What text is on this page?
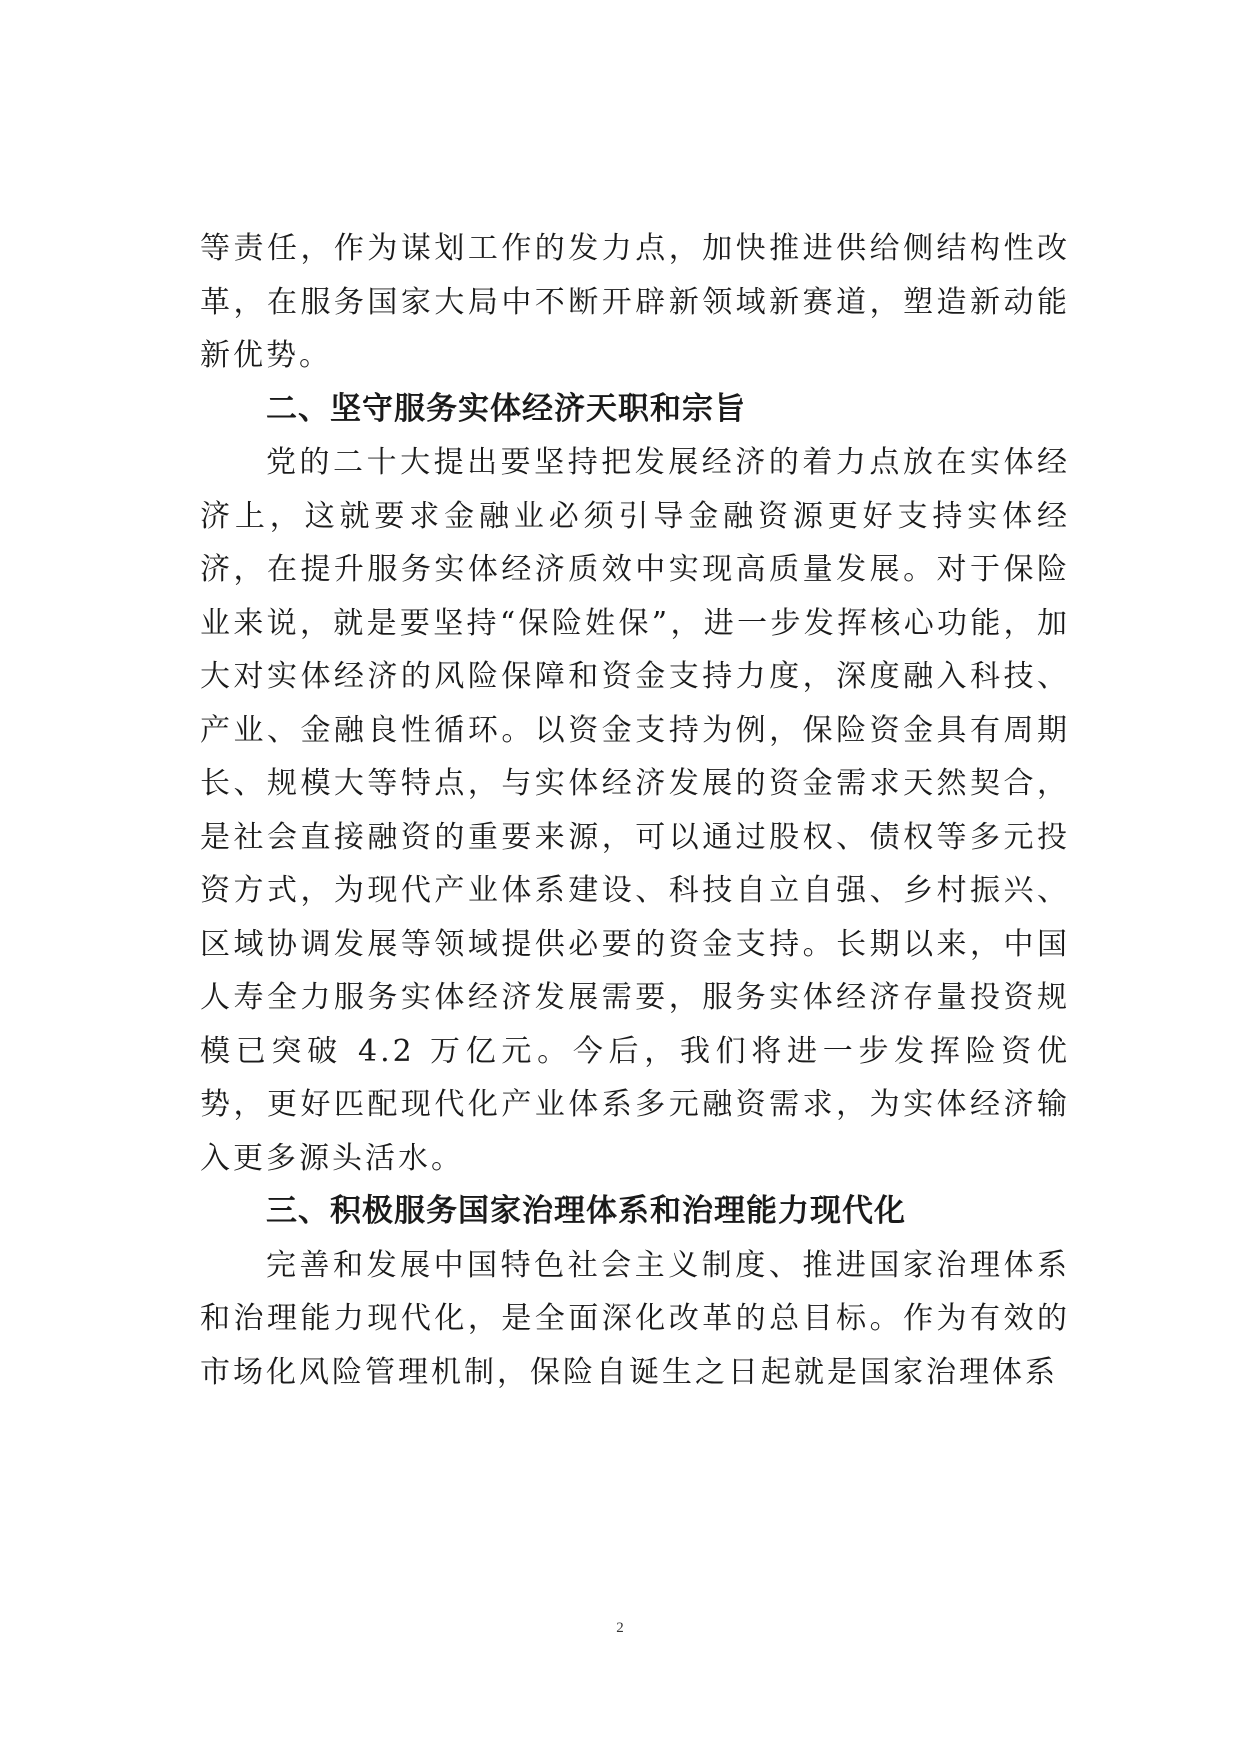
等责任，作为谋划工作的发力点，加快推进供给侧结构性改革，在服务国家大局中不断开辟新领域新赛道，塑造新动能新优势。

二、坚守服务实体经济天职和宗旨

党的二十大提出要坚持把发展经济的着力点放在实体经济上，这就要求金融业必须引导金融资源更好支持实体经济，在提升服务实体经济质效中实现高质量发展。对于保险业来说，就是要坚持“保险姓保”，进一步发挥核心功能，加大对实体经济的风险保障和资金支持力度，深度融入科技、产业、金融良性循环。以资金支持为例，保险资金具有周期长、规模大等特点，与实体经济发展的资金需求天然契合，是社会直接融资的重要来源，可以通过股权、债权等多元投资方式，为现代产业体系建设、科技自立自强、乡村振兴、区域协调发展等领域提供必要的资金支持。长期以来，中国人寿全力服务实体经济发展需要，服务实体经济存量投资规模已突破 4.2 万亿元。今后，我们将进一步发挥险资优势，更好匹配现代化产业体系多元融资需求，为实体经济输入更多源头活水。

三、积极服务国家治理体系和治理能力现代化

完善和发展中国特色社会主义制度、推进国家治理体系和治理能力现代化，是全面深化改革的总目标。作为有效的市场化风险管理机制，保险自诞生之日起就是国家治理体系

2
